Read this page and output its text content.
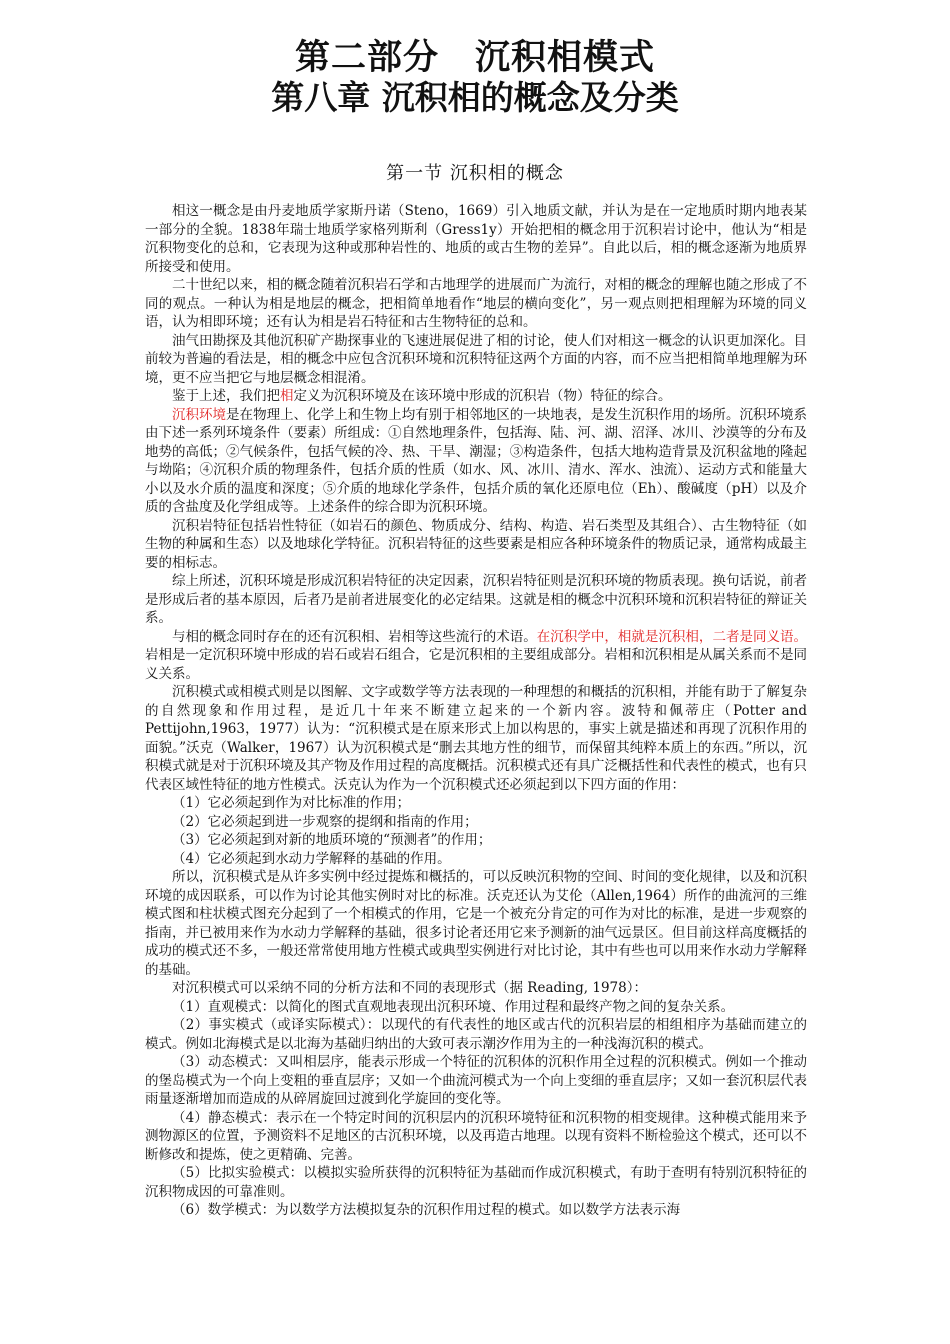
第二部分　沉积相模式
第八章 沉积相的概念及分类
第一节 沉积相的概念

相这一概念是由丹麦地质学家斯丹诺（Steno，1669）引入地质文献，并认为是在一定地质时期内地表某一部分的全貌。1838年瑞士地质学家格列斯利（Gress1y）开始把相的概念用于沉积岩讨论中，他认为“相是沉积物变化的总和，它表现为这种或那种岩性的、地质的或古生物的差异”。自此以后，相的概念逐渐为地质界所接受和使用。

二十世纪以来，相的概念随着沉积岩石学和古地理学的进展而广为流行，对相的概念的理解也随之形成了不同的观点。一种认为相是地层的概念，把相简单地看作“地层的横向变化”，另一观点则把相理解为环境的同义语，认为相即环境；还有认为相是岩石特征和古生物特征的总和。

油气田勘探及其他沉积矿产勘探事业的飞速进展促进了相的讨论，使人们对相这一概念的认识更加深化。目前较为普遍的看法是，相的概念中应包含沉积环境和沉积特征这两个方面的内容，而不应当把相简单地理解为环境，更不应当把它与地层概念相混淆。

鉴于上述，我们把相定义为沉积环境及在该环境中形成的沉积岩（物）特征的综合。

沉积环境是在物理上、化学上和生物上均有别于相邻地区的一块地表，是发生沉积作用的场所。沉积环境系由下述一系列环境条件（要素）所组成：①自然地理条件，包括海、陆、河、湖、沼泽、冰川、沙漠等的分布及地势的高低；②气候条件，包括气候的冷、热、干旱、潮湿；③构造条件，包括大地构造背景及沉积盆地的隆起与坳陷；④沉积介质的物理条件，包括介质的性质（如水、风、冰川、清水、浑水、浊流）、运动方式和能量大小以及水介质的温度和深度；⑤介质的地球化学条件，包括介质的氧化还原电位（Eh）、酸碱度（pH）以及介质的含盐度及化学组成等。上述条件的综合即为沉积环境。

沉积岩特征包括岩性特征（如岩石的颜色、物质成分、结构、构造、岩石类型及其组合）、古生物特征（如生物的种属和生态）以及地球化学特征。沉积岩特征的这些要素是相应各种环境条件的物质记录，通常构成最主要的相标志。

综上所述，沉积环境是形成沉积岩特征的决定因素，沉积岩特征则是沉积环境的物质表现。换句话说，前者是形成后者的基本原因，后者乃是前者进展变化的必定结果。这就是相的概念中沉积环境和沉积岩特征的辩证关系。

与相的概念同时存在的还有沉积相、岩相等这些流行的术语。在沉积学中，相就是沉积相，二者是同义语。岩相是一定沉积环境中形成的岩石或岩石组合，它是沉积相的主要组成部分。岩相和沉积相是从属关系而不是同义关系。

沉积模式或相模式则是以图解、文字或数学等方法表现的一种理想的和概括的沉积相，并能有助于了解复杂的自然现象和作用过程，是近几十年来不断建立起来的一个新内容。波特和佩蒂庄（Potter and Pettijohn,1963，1977）认为：“沉积模式是在原来形式上加以构思的，事实上就是描述和再现了沉积作用的面貌。”沃克（Walker，1967）认为沉积模式是“删去其地方性的细节，而保留其纯粹本质上的东西。”所以，沉积模式就是对于沉积环境及其产物及作用过程的高度概括。沉积模式还有具广泛概括性和代表性的模式，也有只代表区域性特征的地方性模式。沃克认为作为一个沉积模式还必须起到以下四方面的作用：

（1）它必须起到作为对比标准的作用；

（2）它必须起到进一步观察的提纲和指南的作用；

（3）它必须起到对新的地质环境的“预测者”的作用；

（4）它必须起到水动力学解释的基础的作用。

所以，沉积模式是从许多实例中经过提炼和概括的，可以反映沉积物的空间、时间的变化规律，以及和沉积环境的成因联系，可以作为讨论其他实例时对比的标准。沃克还认为艾伦（Allen,1964）所作的曲流河的三维模式图和柱状模式图充分起到了一个相模式的作用，它是一个被充分肯定的可作为对比的标准，是进一步观察的指南，并已被用来作为水动力学解释的基础，很多讨论者还用它来予测新的油气远景区。但目前这样高度概括的成功的模式还不多，一般还常常使用地方性模式或典型实例进行对比讨论，其中有些也可以用来作水动力学解释的基础。

对沉积模式可以采纳不同的分析方法和不同的表现形式（据 Reading, 1978）：

（1）直观模式：以简化的图式直观地表现出沉积环境、作用过程和最终产物之间的复杂关系。

（2）事实模式（或译实际模式）：以现代的有代表性的地区或古代的沉积岩层的相组相序为基础而建立的模式。例如北海模式是以北海为基础归纳出的大致可表示潮汐作用为主的一种浅海沉积的模式。

（3）动态模式：又叫相层序，能表示形成一个特征的沉积体的沉积作用全过程的沉积模式。例如一个推动的堡岛模式为一个向上变粗的垂直层序；又如一个曲流河模式为一个向上变细的垂直层序；又如一套沉积层代表雨量逐渐增加而造成的从碎屑旋回过渡到化学旋回的变化等。

（4）静态模式：表示在一个特定时间的沉积层内的沉积环境特征和沉积物的相变规律。这种模式能用来予测物源区的位置，予测资料不足地区的古沉积环境，以及再造古地理。以现有资料不断检验这个模式，还可以不断修改和提炼，使之更精确、完善。

（5）比拟实验模式：以模拟实验所获得的沉积特征为基础而作成沉积模式，有助于查明有特别沉积特征的沉积物成因的可靠准则。

（6）数学模式：为以数学方法模拟复杂的沉积作用过程的模式。如以数学方法表示海
